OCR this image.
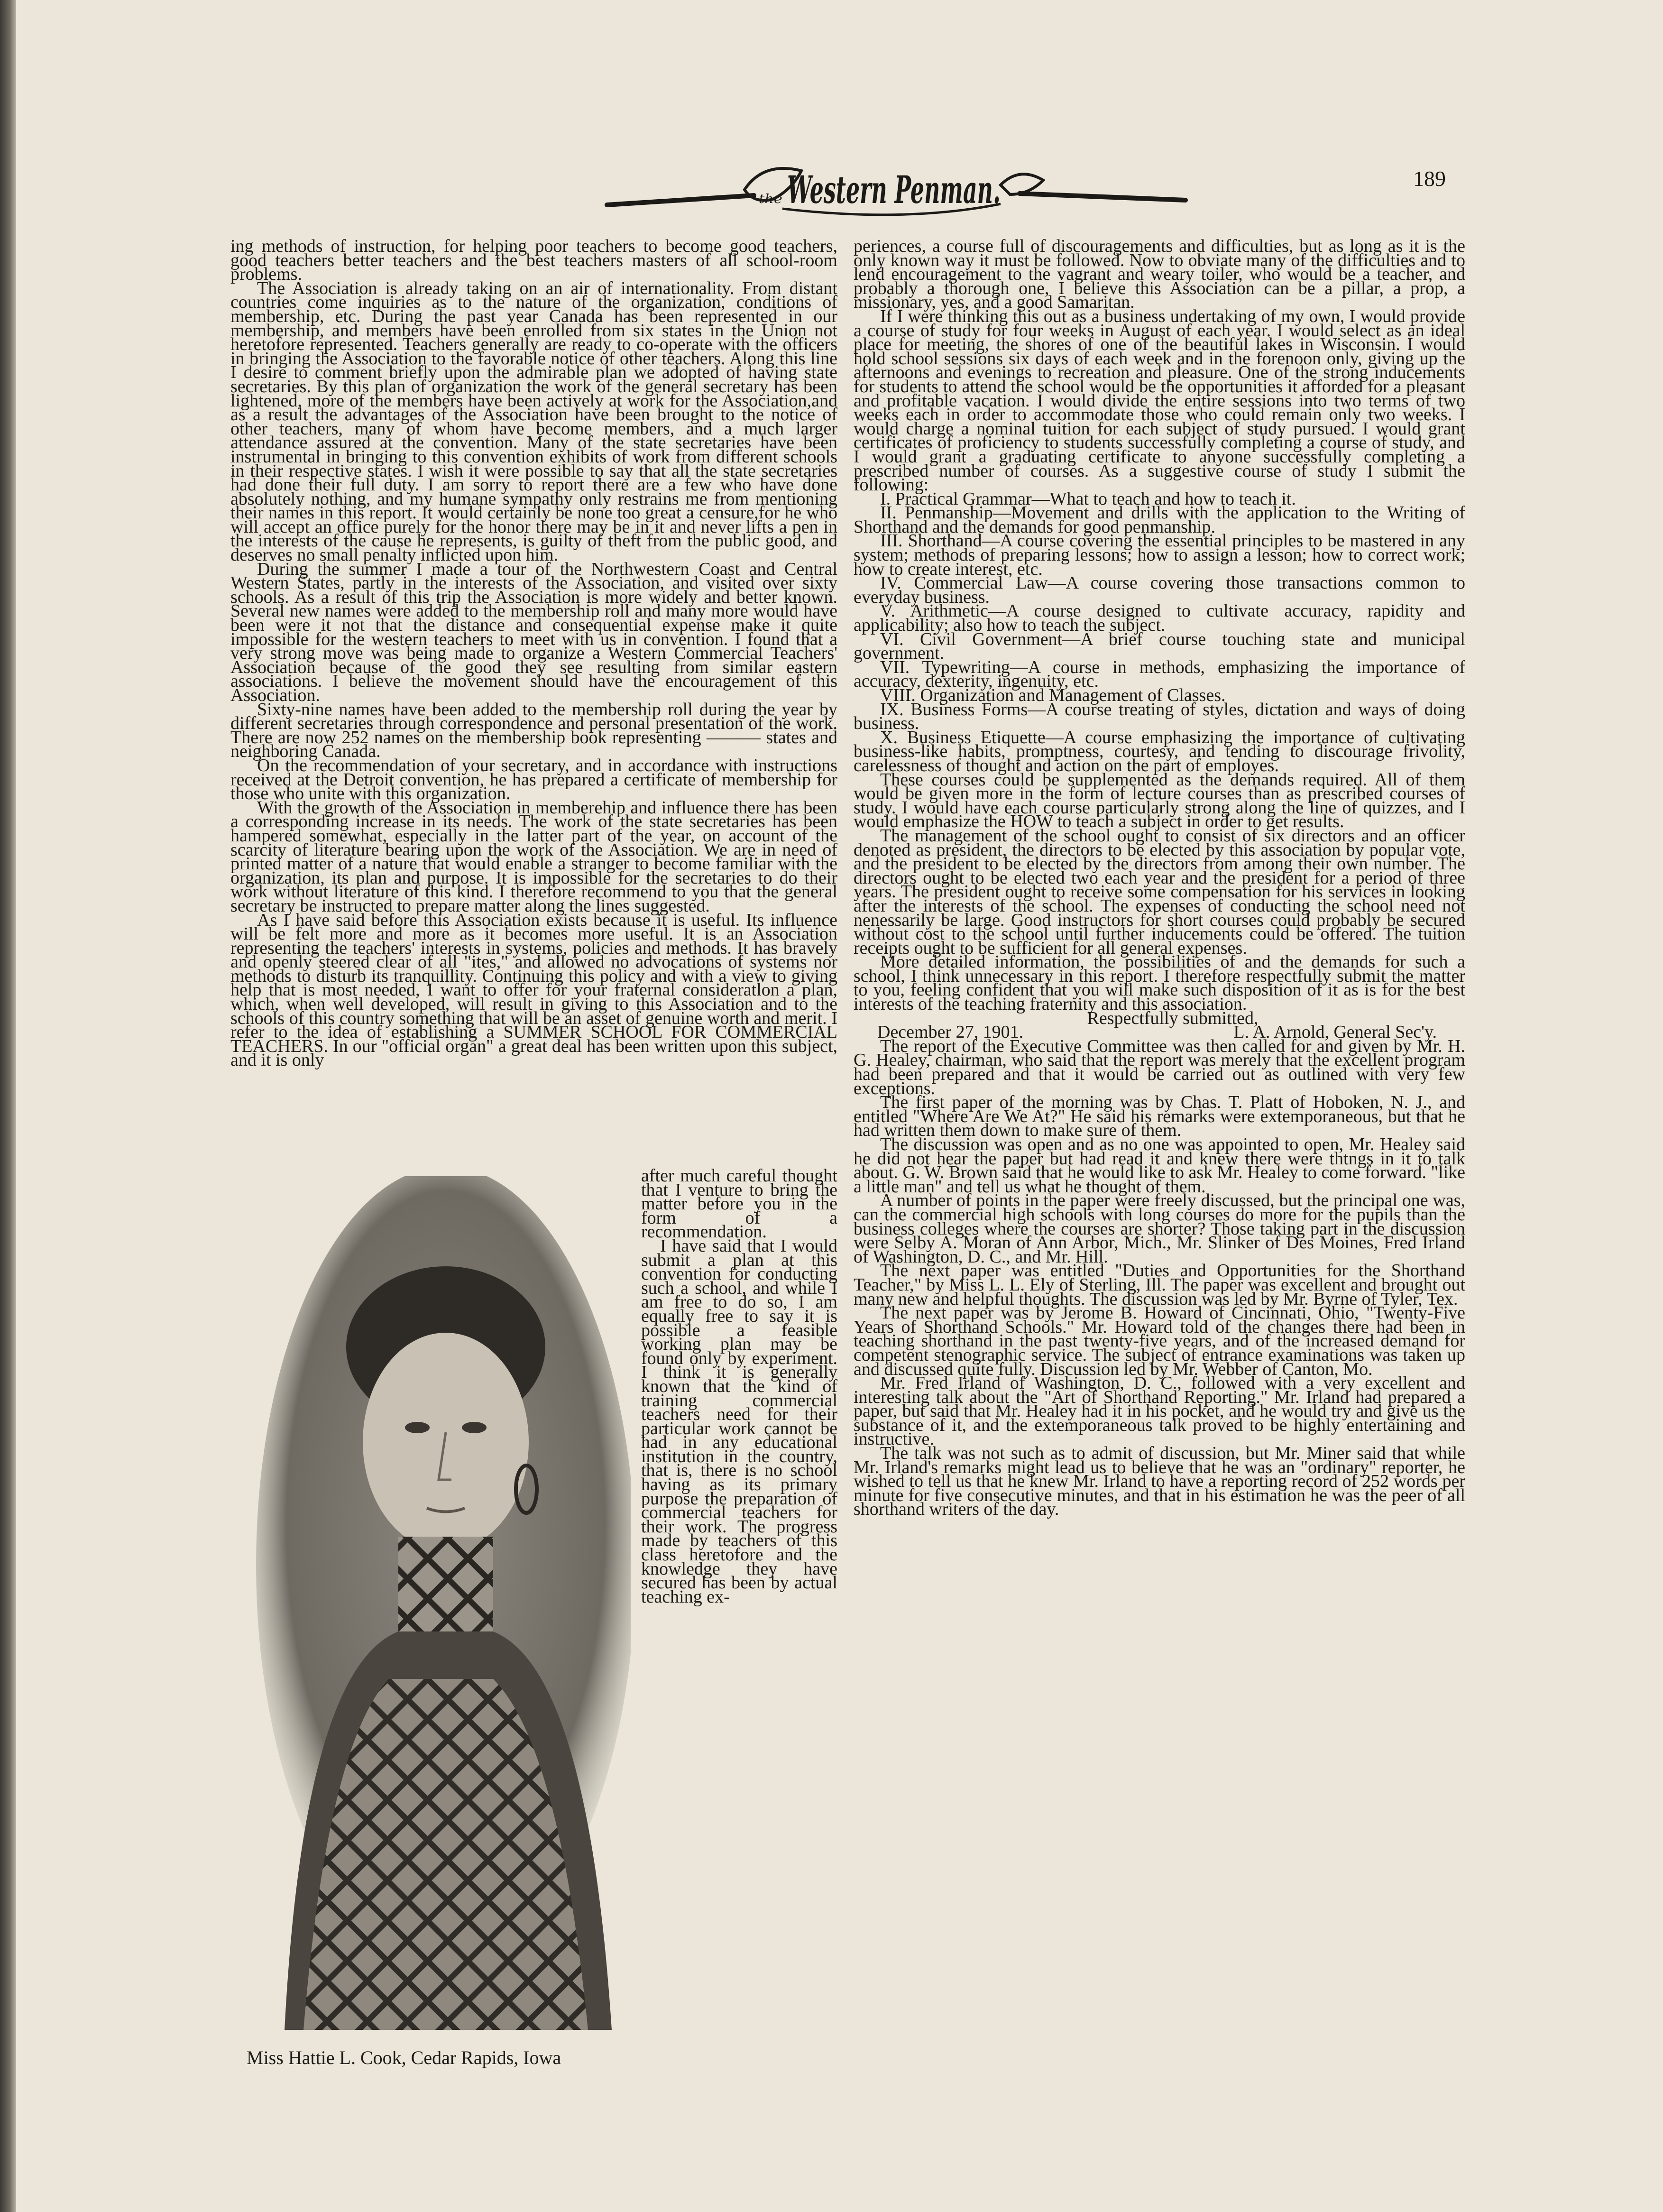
the Western Penman.	189

ing methods of instruction, for helping poor teachers to become good teachers, good teachers better teachers and the best teachers masters of all school-room problems.

The Association is already taking on an air of internationality. From distant countries come inquiries as to the nature of the organization, conditions of membership, etc. During the past year Canada has been represented in our membership, and members have been enrolled from six states in the Union not heretofore represented. Teachers generally are ready to co-operate with the officers in bringing the Association to the favorable notice of other teachers. Along this line I desire to comment briefly upon the admirable plan we adopted of having state secretaries. By this plan of organization the work of the general secretary has been lightened, more of the members have been actively at work for the Association,and as a result the advantages of the Association have been brought to the notice of other teachers, many of whom have become members, and a much larger attendance assured at the convention. Many of the state secretaries have been instrumental in bringing to this convention exhibits of work from different schools in their respective states. I wish it were possible to say that all the state secretaries had done their full duty. I am sorry to report there are a few who have done absolutely nothing, and my humane sympathy only restrains me from mentioning their names in this report. It would certainly be none too great a censure,for he who will accept an office purely for the honor there may be in it and never lifts a pen in the interests of the cause he represents, is guilty of theft from the public good, and deserves no small penalty inflicted upon him.

During the summer I made a tour of the Northwestern Coast and Central Western States, partly in the interests of the Association, and visited over sixty schools. As a result of this trip the Association is more widely and better known. Several new names were added to the membership roll and many more would have been were it not that the distance and consequential expense make it quite impossible for the western teachers to meet with us in convention. I found that a very strong move was being made to organize a Western Commercial Teachers' Association because of the good they see resulting from similar eastern associations. I believe the movement should have the encouragement of this Association.

Sixty-nine names have been added to the membership roll during the year by different secretaries through correspondence and personal presentation of the work. There are now 252 names on the membership book representing ——— states and neighboring Canada.

On the recommendation of your secretary, and in accordance with instructions received at the Detroit convention, he has prepared a certificate of membership for those who unite with this organization.

With the growth of the Association in memberehip and influence there has been a corresponding increase in its needs. The work of the state secretaries has been hampered somewhat, especially in the latter part of the year, on account of the scarcity of literature bearing upon the work of the Association. We are in need of printed matter of a nature that would enable a stranger to become familiar with the organization, its plan and purpose. It is impossible for the secretaries to do their work without literature of this kind. I therefore recommend to you that the general secretary be instructed to prepare matter along the lines suggested.

As I have said before this Association exists because it is useful. Its influence will be felt more and more as it becomes more useful. It is an Association representing the teachers' interests in systems, policies and methods. It has bravely and openly steered clear of all "ites," and allowed no advocations of systems nor methods to disturb its tranquillity. Continuing this policy and with a view to giving help that is most needed, I want to offer for your fraternal consideratlon a plan, which, when well developed, will result in giving to this Association and to the schools of this country something that will be an asset of genuine worth and merit. I refer to the idea of establishing a SUMMER SCHOOL FOR COMMERCIAL TEACHERS. In our "official organ" a great deal has been written upon this subject, and it is only

after much careful thought that I venture to bring the matter before you in the form of a recommendation.

I have said that I would submit a plan at this convention for conducting such a school, and while I am free to do so, I am equally free to say it is possible a feasible working plan may be found only by experiment. I think it is generally known that the kind of training commercial teachers need for their particular work cannot be had in any educational institution in the country, that is, there is no school having as its primary purpose the preparation of commercial teachers for their work. The progress made by teachers of this class heretofore and the knowledge they have secured has been by actual teaching ex-

Miss Hattie L. Cook, Cedar Rapids, Iowa

periences, a course full of discouragements and difficulties, but as long as it is the only known way it must be followed. Now to obviate many of the difficulties and to lend encouragement to the vagrant and weary toiler, who would be a teacher, and probably a thorough one, I believe this Association can be a pillar, a prop, a missionary, yes, and a good Samaritan.

If I were thinking this out as a business undertaking of my own, I would provide a course of study for four weeks in August of each year. I would select as an ideal place for meeting, the shores of one of the beautiful lakes in Wisconsin. I would hold school sessions six days of each week and in the forenoon only, giving up the afternoons and evenings to recreation and pleasure. One of the strong inducements for students to attend the school would be the opportunities it afforded for a pleasant and profitable vacation. I would divide the entire sessions into two terms of two weeks each in order to accommodate those who could remain only two weeks. I would charge a nominal tuition for each subject of study pursued. I would grant certificates of proficiency to students successfully completing a course of study, and I would grant a graduating certificate to anyone successfully completing a prescribed number of courses. As a suggestive course of study I submit the following:

I. Practical Grammar—What to teach and how to teach it.

II. Penmanship—Movement and drills with the application to the Writing of Shorthand and the demands for good penmanship.

III. Shorthand—A course covering the essential principles to be mastered in any system; methods of preparing lessons; how to assign a lesson; how to correct work; how to create interest, etc.

IV. Commercial Law—A course covering those transactions common to everyday business.

V. Arithmetic—A course designed to cultivate accuracy, rapidity and applicability; also how to teach the subject.

VI. Civil Government—A brief course touching state and municipal government.

VII. Typewriting—A course in methods, emphasizing the importance of accuracy, dexterity, ingenuity, etc.

VIII. Organization and Management of Classes.

IX. Business Forms—A course treating of styles, dictation and ways of doing business.

X. Business Etiquette—A course emphasizing the importance of cultivating business-like habits, promptness, courtesy, and tending to discourage frivolity, carelessness of thought and action on the part of employes.

These courses could be supplemented as the demands required. All of them would be given more in the form of lecture courses than as prescribed courses of study. I would have each course particularly strong along the line of quizzes, and I would emphasize the HOW to teach a subject in order to get results.

The management of the school ought to consist of six directors and an officer denoted as president, the directors to be elected by this association by popular vote, and the president to be elected by the directors from among their own number. The directors ought to be elected two each year and the president for a period of three years. The president ought to receive some compensation for his services in looking after the interests of the school. The expenses of conducting the school need not nenessarily be large. Good instructors for short courses could probably be secured without cost to the school until further inducements could be offered. The tuition receipts ought to be sufficient for all general expenses.

More detailed information, the possibilities of and the demands for such a school, I think unnecessary in this report. I therefore respectfully submit the matter to you, feeling confident that you will make such disposition of it as is for the best interests of the teaching fraternity and this association.

Respectfully submitted,

December 27, 1901.	L. A. Arnold, General Sec'y.

The report of the Executive Committee was then called for and given by Mr. H. G. Healey, chairman, who said that the report was merely that the excellent program had been prepared and that it would be carried out as outlined with very few exceptions.

The first paper of the morning was by Chas. T. Platt of Hoboken, N. J., and entitled "Where Are We At?" He said his remarks were extemporaneous, but that he had written them down to make sure of them.

The discussion was open and as no one was appointed to open, Mr. Healey said he did not hear the paper but had read it and knew there were thtngs in it to talk about. G. W. Brown said that he would like to ask Mr. Healey to come forward. "like a little man" and tell us what he thought of them.

A number of points in the paper were freely discussed, but the principal one was, can the commercial high schools with long courses do more for the pupils than the business colleges where the courses are shorter? Those taking part in the discussion were Selby A. Moran of Ann Arbor, Mich., Mr. Slinker of Des Moines, Fred Irland of Washington, D. C., and Mr. Hill.

The next paper was entitled "Duties and Opportunities for the Shorthand Teacher," by Miss L. L. Ely of Sterling, Ill. The paper was excellent and brought out many new and helpful thoughts. The discussion was led by Mr. Byrne of Tyler, Tex.

The next paper was by Jerome B. Howard of Cincinnati, Ohio, "Twenty-Five Years of Shorthand Schools." Mr. Howard told of the changes there had been in teaching shorthand in the past twenty-five years, and of the increased demand for competent stenographic service. The subject of entrance examinations was taken up and discussed quite fully. Discussion led by Mr. Webber of Canton, Mo.

Mr. Fred Irland of Washington, D. C., followed with a very excellent and interesting talk about the "Art of Shorthand Reporting." Mr. Irland had prepared a paper, but said that Mr. Healey had it in his pocket, and he would try and give us the substance of it, and the extemporaneous talk proved to be highly entertaining and instructive.

The talk was not such as to admit of discussion, but Mr. Miner said that while Mr. Irland's remarks might lead us to believe that he was an "ordinary" reporter, he wished to tell us that he knew Mr. Irland to have a reporting record of 252 words per minute for five consecutive minutes, and that in his estimation he was the peer of all shorthand writers of the day.
